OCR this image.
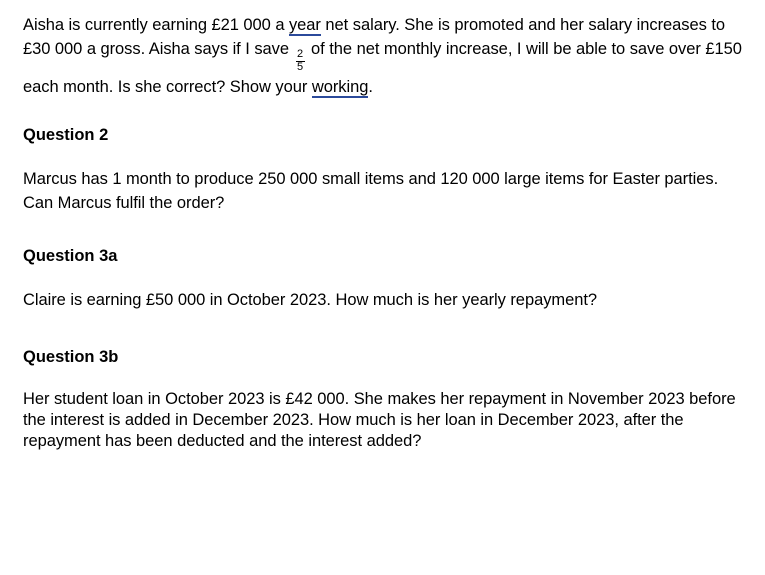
Aisha is currently earning £21 000 a year net salary. She is promoted and her salary increases to £30 000 a gross. Aisha says if I save
$\frac{2}{5}$
of the net monthly increase, I will be able to save over £150 each month. Is she correct? Show your working.

Question 2

Marcus has 1 month to produce 250 000 small items and 120 000 large items for Easter parties. Can Marcus fulfil the order?

Question 3a

Claire is earning £50 000 in October 2023. How much is her yearly repayment?

Question 3b

Her student loan in October 2023 is £42 000. She makes her repayment in November 2023 before the interest is added in December 2023. How much is her loan in December 2023, after the repayment has been deducted and the interest added?
